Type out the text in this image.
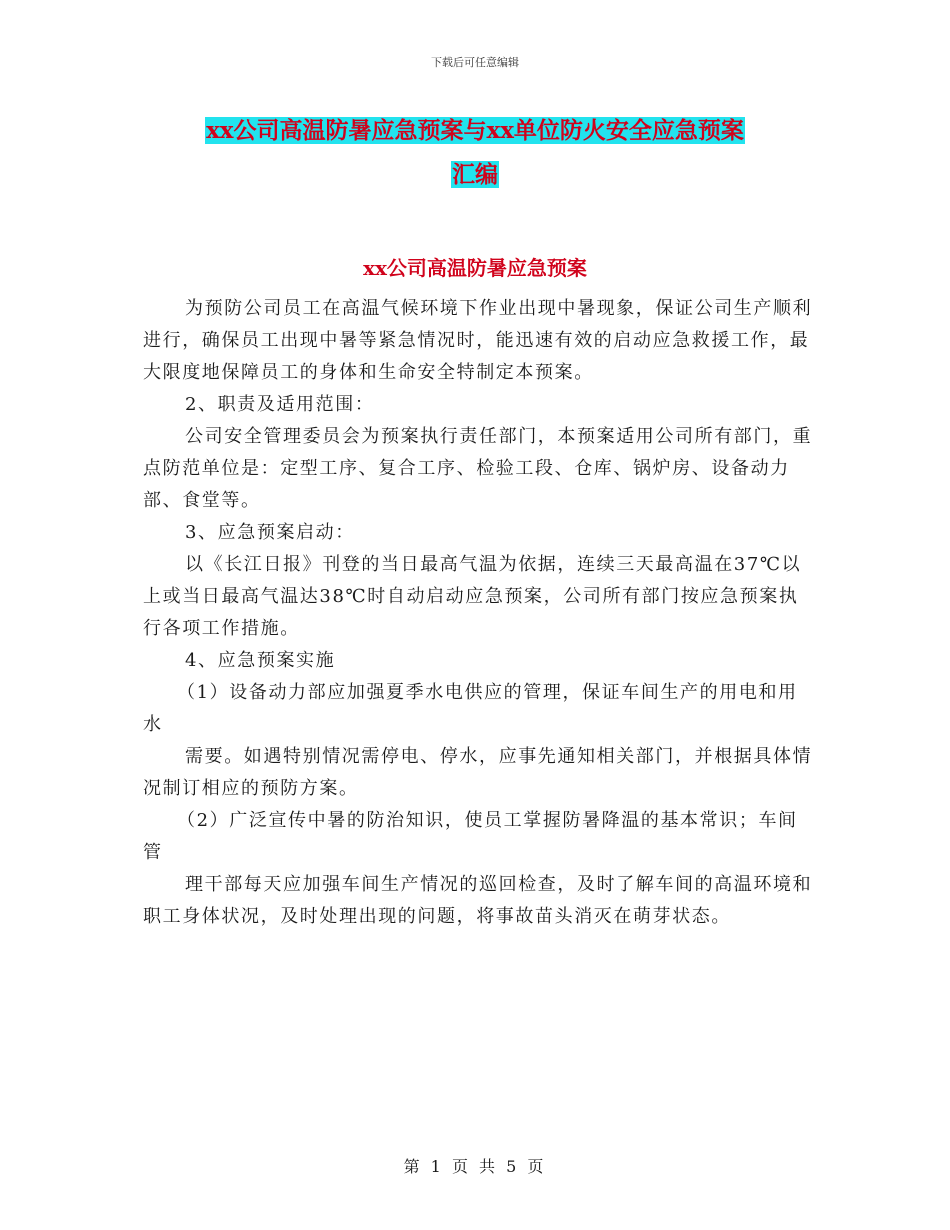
下载后可任意编辑
xx公司高温防暑应急预案与xx单位防火安全应急预案
汇编
xx公司高温防暑应急预案

为预防公司员工在高温气候环境下作业出现中暑现象，保证公司生产顺利进行，确保员工出现中暑等紧急情况时，能迅速有效的启动应急救援工作，最大限度地保障员工的身体和生命安全特制定本预案。

2、职责及适用范围：

公司安全管理委员会为预案执行责任部门，本预案适用公司所有部门，重点防范单位是：定型工序、复合工序、检验工段、仓库、锅炉房、设备动力部、食堂等。

3、应急预案启动：

以《长江日报》刊登的当日最高气温为依据，连续三天最高温在37℃以上或当日最高气温达38℃时自动启动应急预案，公司所有部门按应急预案执行各项工作措施。

4、应急预案实施

（1）设备动力部应加强夏季水电供应的管理，保证车间生产的用电和用水

需要。如遇特别情况需停电、停水，应事先通知相关部门，并根据具体情况制订相应的预防方案。

（2）广泛宣传中暑的防治知识，使员工掌握防暑降温的基本常识；车间管

理干部每天应加强车间生产情况的巡回检查，及时了解车间的高温环境和职工身体状况，及时处理出现的问题，将事故苗头消灭在萌芽状态。

第 1 页 共 5 页
